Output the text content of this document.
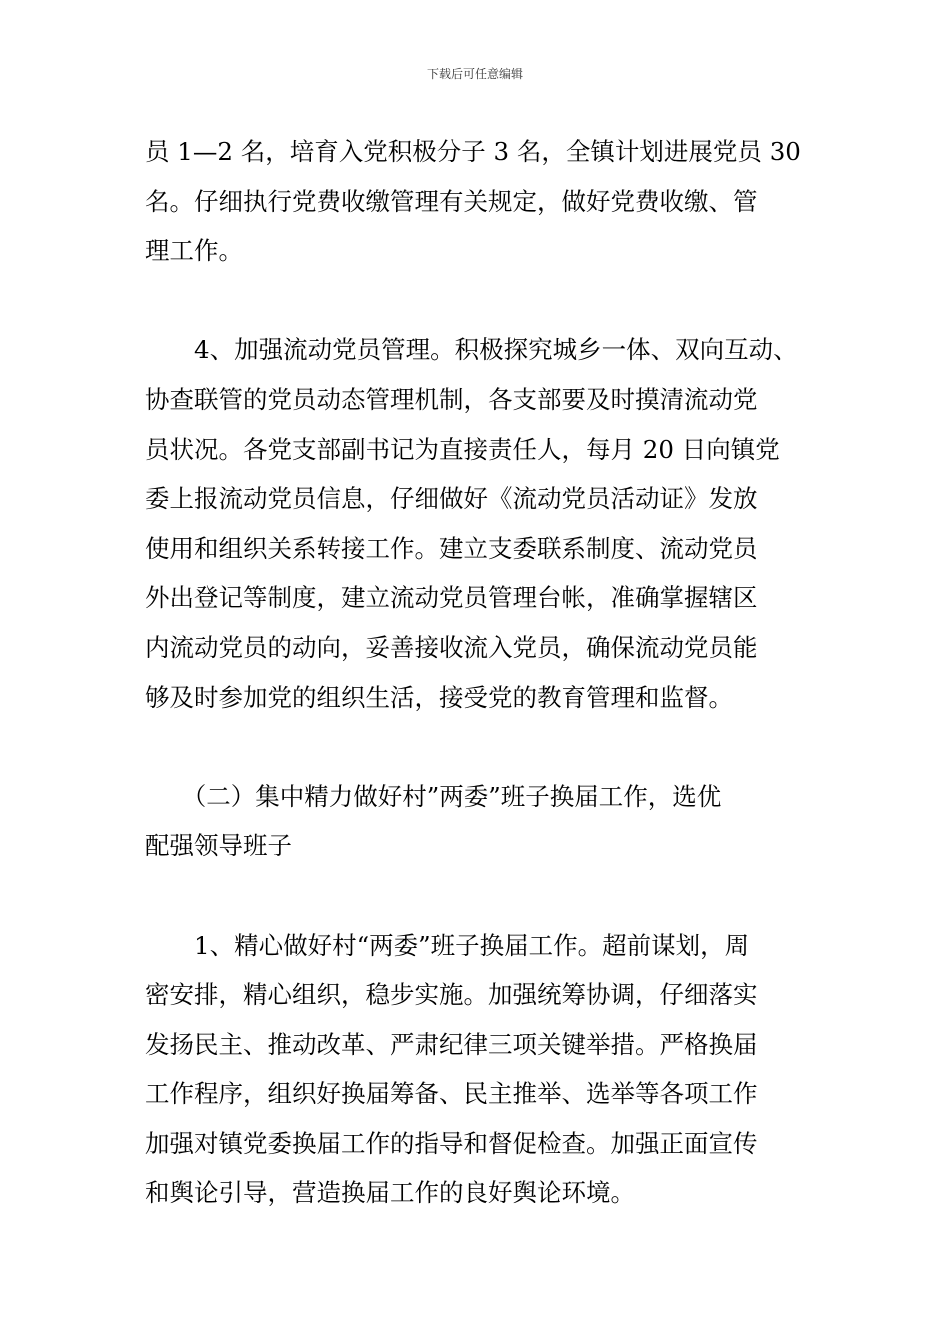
下载后可任意编辑
员 1—2 名，培育入党积极分子 3 名，全镇计划进展党员 30
名。仔细执行党费收缴管理有关规定，做好党费收缴、管
理工作。
　　4、加强流动党员管理。积极探究城乡一体、双向互动、
协查联管的党员动态管理机制，各支部要及时摸清流动党
员状况。各党支部副书记为直接责任人，每月 20 日向镇党
委上报流动党员信息，仔细做好《流动党员活动证》发放
使用和组织关系转接工作。建立支委联系制度、流动党员
外出登记等制度，建立流动党员管理台帐，准确掌握辖区
内流动党员的动向，妥善接收流入党员，确保流动党员能
够及时参加党的组织生活，接受党的教育管理和监督。
　　（二）集中精力做好村”两委”班子换届工作，选优
配强领导班子
　　1、精心做好村“两委”班子换届工作。超前谋划，周
密安排，精心组织，稳步实施。加强统筹协调，仔细落实
发扬民主、推动改革、严肃纪律三项关键举措。严格换届
工作程序，组织好换届筹备、民主推举、选举等各项工作
加强对镇党委换届工作的指导和督促检查。加强正面宣传
和舆论引导，营造换届工作的良好舆论环境。
